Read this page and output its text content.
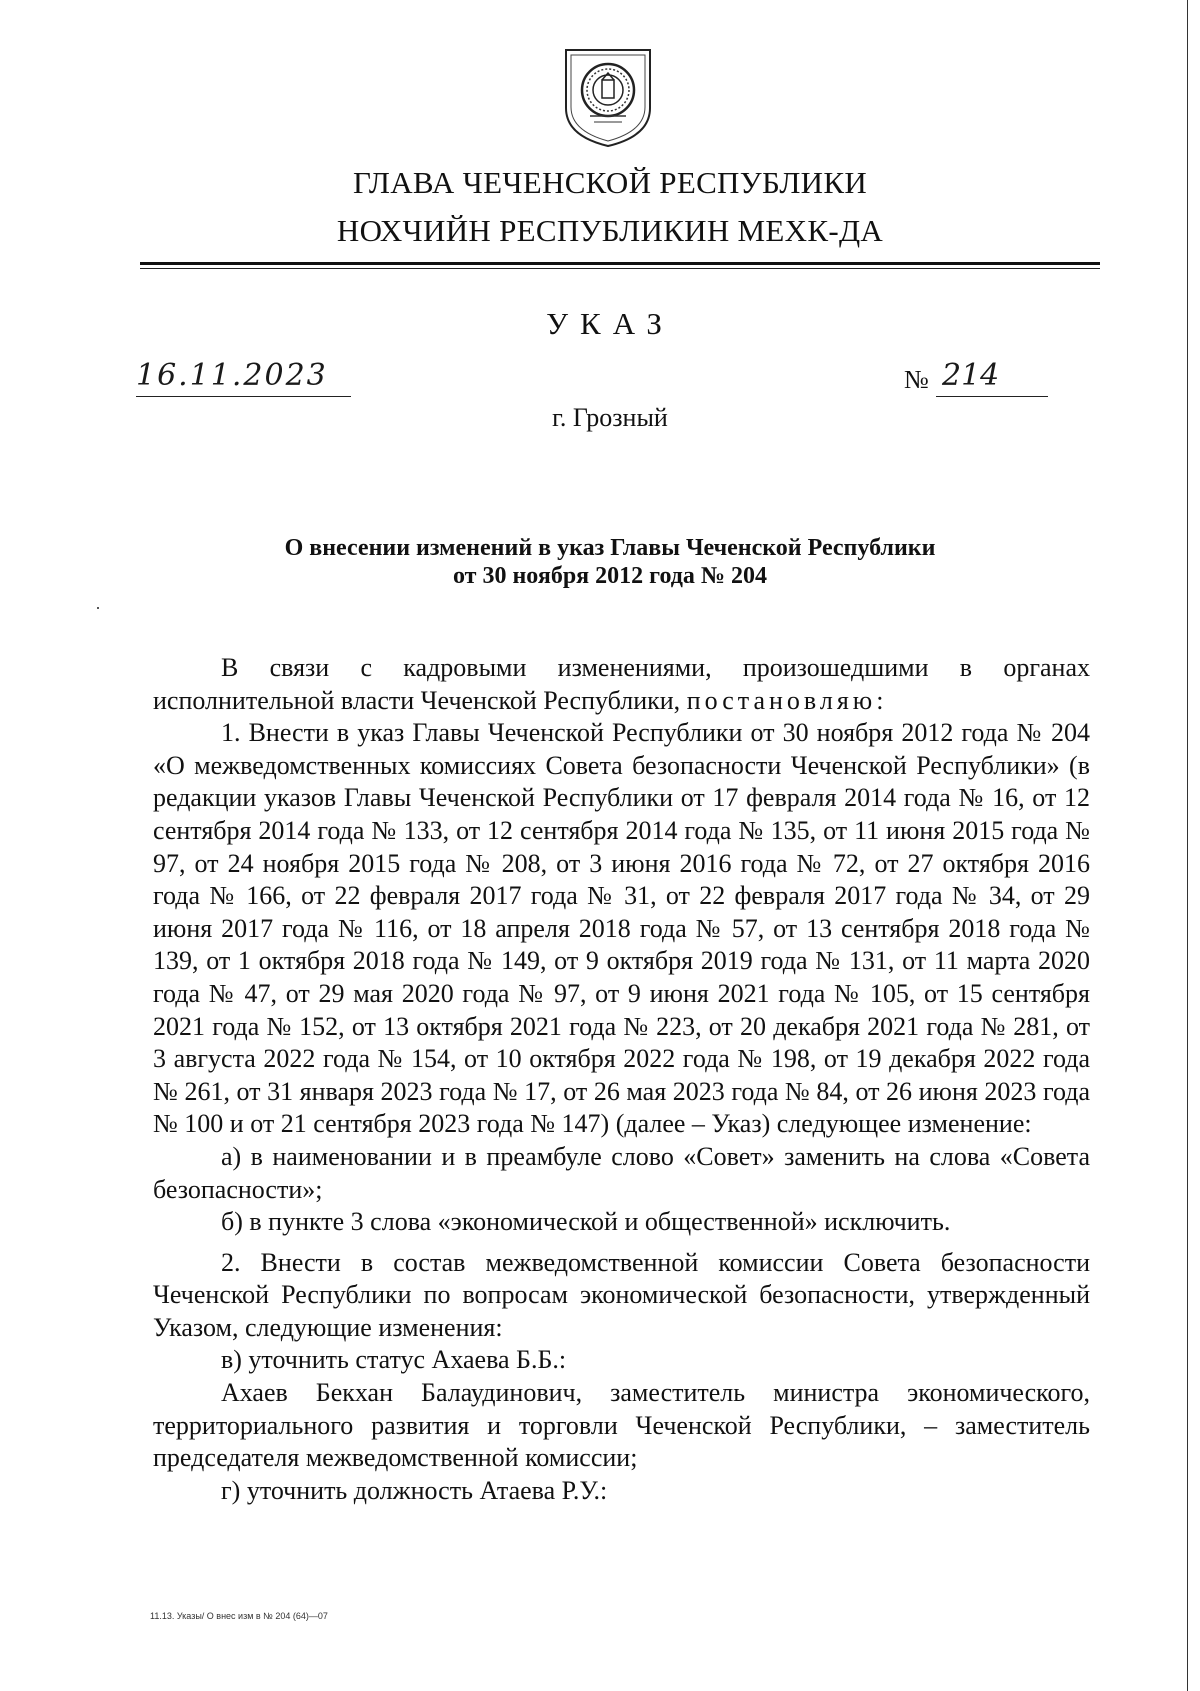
ГЛАВА ЧЕЧЕНСКОЙ РЕСПУБЛИКИ
НОХЧИЙН РЕСПУБЛИКИН МЕХК-ДА
УКАЗ
16.11.2023	№ 214
г. Грозный
О внесении изменений в указ Главы Чеченской Республики
от 30 ноября 2012 года № 204

В связи с кадровыми изменениями, произошедшими в органах исполнительной власти Чеченской Республики, постановляю:

1. Внести в указ Главы Чеченской Республики от 30 ноября 2012 года № 204 «О межведомственных комиссиях Совета безопасности Чеченской Республики» (в редакции указов Главы Чеченской Республики от 17 февраля 2014 года № 16, от 12 сентября 2014 года № 133, от 12 сентября 2014 года № 135, от 11 июня 2015 года № 97, от 24 ноября 2015 года № 208, от 3 июня 2016 года № 72, от 27 октября 2016 года № 166, от 22 февраля 2017 года № 31, от 22 февраля 2017 года № 34, от 29 июня 2017 года № 116, от 18 апреля 2018 года № 57, от 13 сентября 2018 года № 139, от 1 октября 2018 года № 149, от 9 октября 2019 года № 131, от 11 марта 2020 года № 47, от 29 мая 2020 года № 97, от 9 июня 2021 года № 105, от 15 сентября 2021 года № 152, от 13 октября 2021 года № 223, от 20 декабря 2021 года № 281, от 3 августа 2022 года № 154, от 10 октября 2022 года № 198, от 19 декабря 2022 года № 261, от 31 января 2023 года № 17, от 26 мая 2023 года № 84, от 26 июня 2023 года № 100 и от 21 сентября 2023 года № 147) (далее – Указ) следующее изменение:

а) в наименовании и в преамбуле слово «Совет» заменить на слова «Совета безопасности»;

б) в пункте 3 слова «экономической и общественной» исключить.

2. Внести в состав межведомственной комиссии Совета безопасности Чеченской Республики по вопросам экономической безопасности, утвержденный Указом, следующие изменения:

в) уточнить статус Ахаева Б.Б.:

Ахаев Бекхан Балаудинович, заместитель министра экономического, территориального развития и торговли Чеченской Республики, – заместитель председателя межведомственной комиссии;

г) уточнить должность Атаева Р.У.:

11.13. Указы/ О внес изм в № 204 (64)—07
